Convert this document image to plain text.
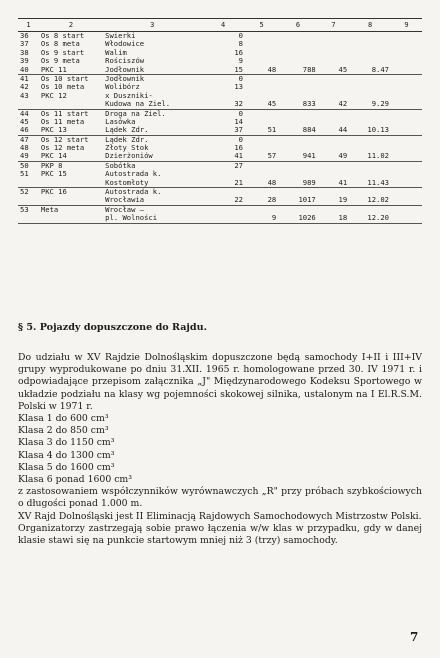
1	2	3	4	5	6	7	8	9
36	Os 8 start	Swierki	0					
37	Os 8 meta	Włodowice	8					
38	Os 9 start	Walim	16					
39	Os 9 meta	Rościszów	9					
40	PKC 11	Jodłownik	15	48	788	45	8.47	
41	Os 10 start	Jodłownik	0					
42	Os 10 meta	Wolibórz	13					
43	PKC 12	x Duszniki-						
		Kudowa na Ziel.	32	45	833	42	9.29	
44	Os 11 start	Droga na Ziel.	0					
45	Os 11 meta	Lasówka	14					
46	PKC 13	Lądek Zdr.	37	51	884	44	10.13	
47	Os 12 start	Lądek Zdr.	0					
48	Os 12 meta	Złoty Stok	16					
49	PKC 14	Dzierżoniów	41	57	941	49	11.02	
50	PKP 8	Sobótka	27					
51	PKC 15	Autostrada k.						
		Kostomłoty	21	48	989	41	11.43	
52	PKC 16	Autostrada k.						
		Wrocławia	22	28	1017	19	12.02	
53	Meta	Wrocław —						
		pl. Wolności		9	1026	18	12.20	
§ 5. Pojazdy dopuszczone do Rajdu.

Do udziału w XV Rajdzie Dolnośląskim dopuszczone będą samochody I+II i III+IV grupy wyprodukowane po dniu 31.XII. 1965 r. homologowane przed 30. IV 1971 r. i odpowiadające przepisom załącznika „J" Międzynarodowego Kodeksu Sportowego w układzie podziału na klasy wg pojemności skokowej silnika, ustalonym na I El.R.S.M. Polski w 1971 r.

Klasa 1 do 600 cm³
Klasa 2 do 850 cm³
Klasa 3 do 1150 cm³
Klasa 4 do 1300 cm³
Klasa 5 do 1600 cm³
Klasa 6 ponad 1600 cm³

z zastosowaniem współczynników wyrównawczych „R" przy próbach szybkościowych o długości ponad 1.000 m.

XV Rajd Dolnośląski jest II Eliminacją Rajdowych Samochodowych Mistrzostw Polski.

Organizatorzy zastrzegają sobie prawo łączenia w/w klas w przypadku, gdy w danej klasie stawi się na punkcie startowym mniej niż 3 (trzy) samochody.

7
